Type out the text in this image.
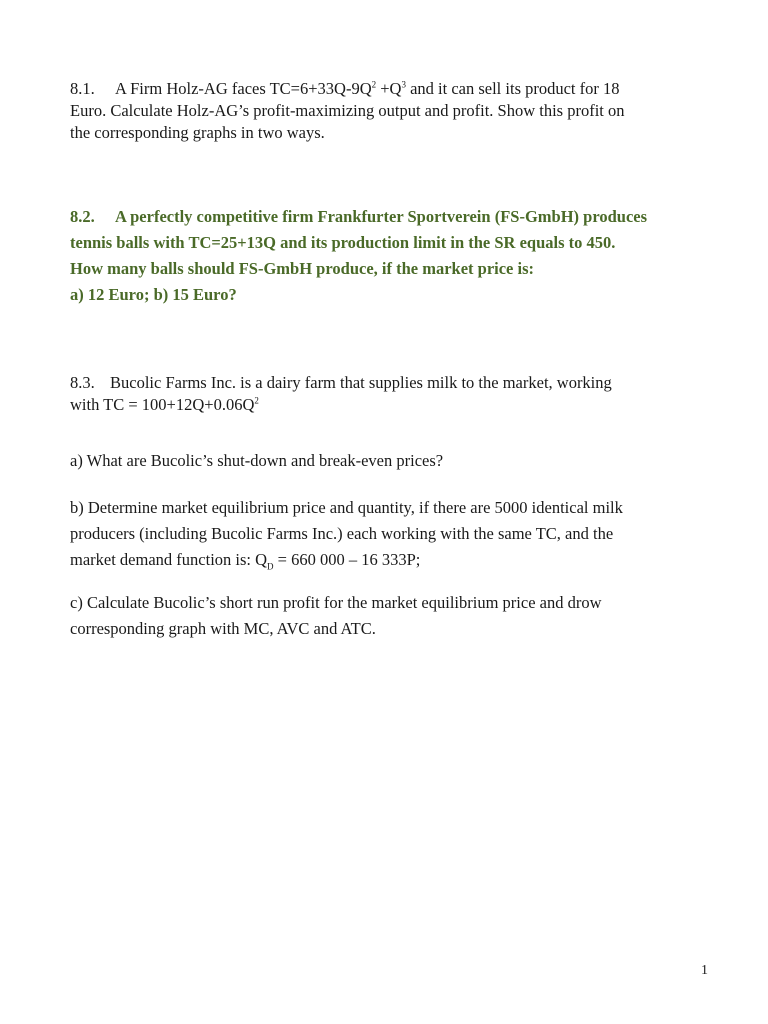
8.1. A Firm Holz-AG faces $TC=6+33Q-9Q^2 +Q^3$ and it can sell its product for 18
Euro. Calculate Holz-AG’s profit-maximizing output and profit. Show this profit on
the corresponding graphs in two ways.
8.2. A perfectly competitive firm Frankfurter Sportverein (FS-GmbH) produces
tennis balls with TC=25+13Q and its production limit in the SR equals to 450.
How many balls should FS-GmbH produce, if the market price is:
a) 12 Euro; b) 15 Euro?
8.3. Bucolic Farms Inc. is a dairy farm that supplies milk to the market, working
with TC = $100+12Q+0.06Q^2$
a) What are Bucolic’s shut-down and break-even prices?
b) Determine market equilibrium price and quantity, if there are 5000 identical milk
producers (including Bucolic Farms Inc.) each working with the same TC, and the
market demand function is: $Q_D = 660$ 000 – 16 333P;
c) Calculate Bucolic’s short run profit for the market equilibrium price and drow
corresponding graph with MC, AVC and ATC.
1
